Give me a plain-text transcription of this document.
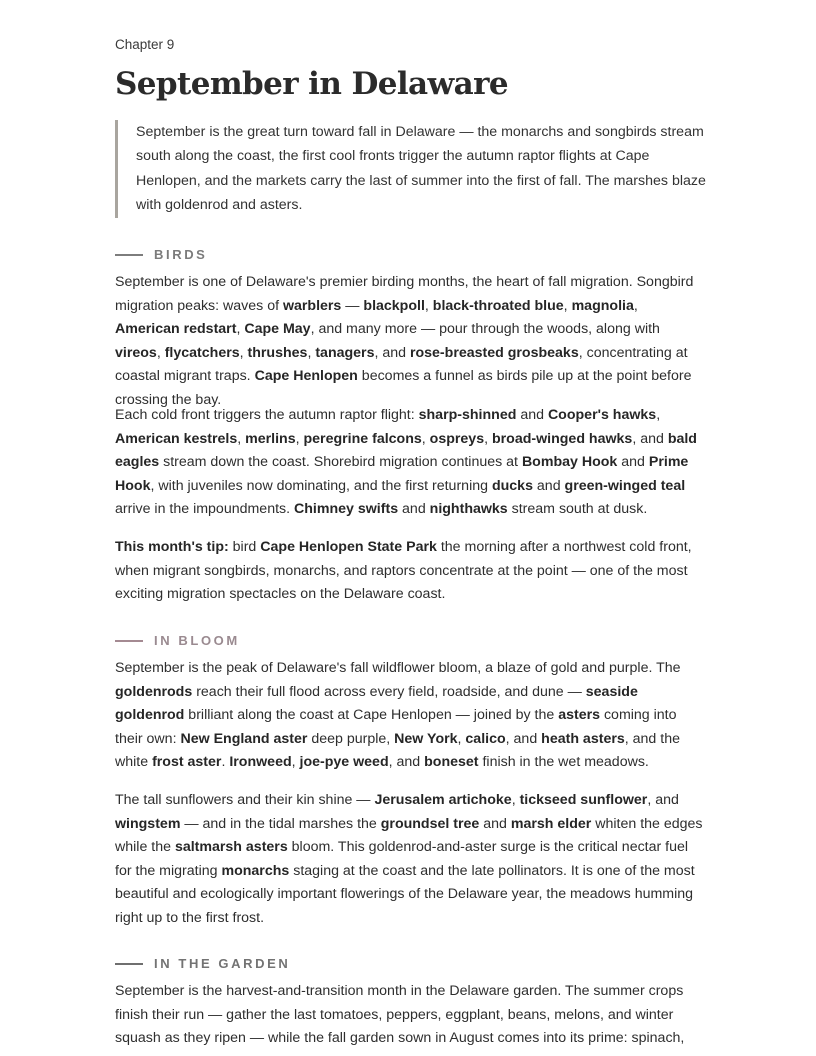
Chapter 9
September in Delaware
September is the great turn toward fall in Delaware — the monarchs and songbirds stream south along the coast, the first cool fronts trigger the autumn raptor flights at Cape Henlopen, and the markets carry the last of summer into the first of fall. The marshes blaze with goldenrod and asters.
BIRDS

September is one of Delaware's premier birding months, the heart of fall migration. Songbird migration peaks: waves of warblers — blackpoll, black-throated blue, magnolia, American redstart, Cape May, and many more — pour through the woods, along with vireos, flycatchers, thrushes, tanagers, and rose-breasted grosbeaks, concentrating at coastal migrant traps. Cape Henlopen becomes a funnel as birds pile up at the point before crossing the bay.

Each cold front triggers the autumn raptor flight: sharp-shinned and Cooper's hawks, American kestrels, merlins, peregrine falcons, ospreys, broad-winged hawks, and bald eagles stream down the coast. Shorebird migration continues at Bombay Hook and Prime Hook, with juveniles now dominating, and the first returning ducks and green-winged teal arrive in the impoundments. Chimney swifts and nighthawks stream south at dusk.

This month's tip: bird Cape Henlopen State Park the morning after a northwest cold front, when migrant songbirds, monarchs, and raptors concentrate at the point — one of the most exciting migration spectacles on the Delaware coast.

IN BLOOM

September is the peak of Delaware's fall wildflower bloom, a blaze of gold and purple. The goldenrods reach their full flood across every field, roadside, and dune — seaside goldenrod brilliant along the coast at Cape Henlopen — joined by the asters coming into their own: New England aster deep purple, New York, calico, and heath asters, and the white frost aster. Ironweed, joe-pye weed, and boneset finish in the wet meadows.

The tall sunflowers and their kin shine — Jerusalem artichoke, tickseed sunflower, and wingstem — and in the tidal marshes the groundsel tree and marsh elder whiten the edges while the saltmarsh asters bloom. This goldenrod-and-aster surge is the critical nectar fuel for the migrating monarchs staging at the coast and the late pollinators. It is one of the most beautiful and ecologically important flowerings of the Delaware year, the meadows humming right up to the first frost.

IN THE GARDEN

September is the harvest-and-transition month in the Delaware garden. The summer crops finish their run — gather the last tomatoes, peppers, eggplant, beans, melons, and winter squash as they ripen — while the fall garden sown in August comes into its prime: spinach,
